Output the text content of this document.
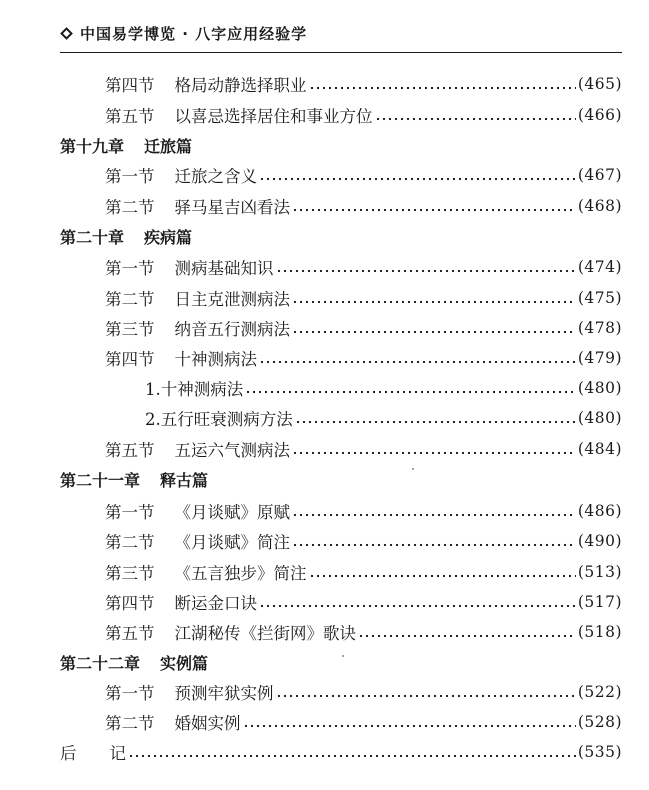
中国易学博览 · 八字应用经验学
第四节 格局动静选择职业	(465)
第五节 以喜忌选择居住和事业方位	(466)
第十九章 迁旅篇
第一节 迁旅之含义	(467)
第二节 驿马星吉凶看法	(468)
第二十章 疾病篇
第一节 测病基础知识	(474)
第二节 日主克泄测病法	(475)
第三节 纳音五行测病法	(478)
第四节 十神测病法	(479)
1.十神测病法	(480)
2.五行旺衰测病方法	(480)
第五节 五运六气测病法	(484)
第二十一章 释古篇
第一节 《月谈赋》原赋	(486)
第二节 《月谈赋》简注	(490)
第三节 《五言独步》简注	(513)
第四节 断运金口诀	(517)
第五节 江湖秘传《拦街网》歌诀	(518)
第二十二章 实例篇
第一节 预测牢狱实例	(522)
第二节 婚姻实例	(528)
后　　记	(535)
